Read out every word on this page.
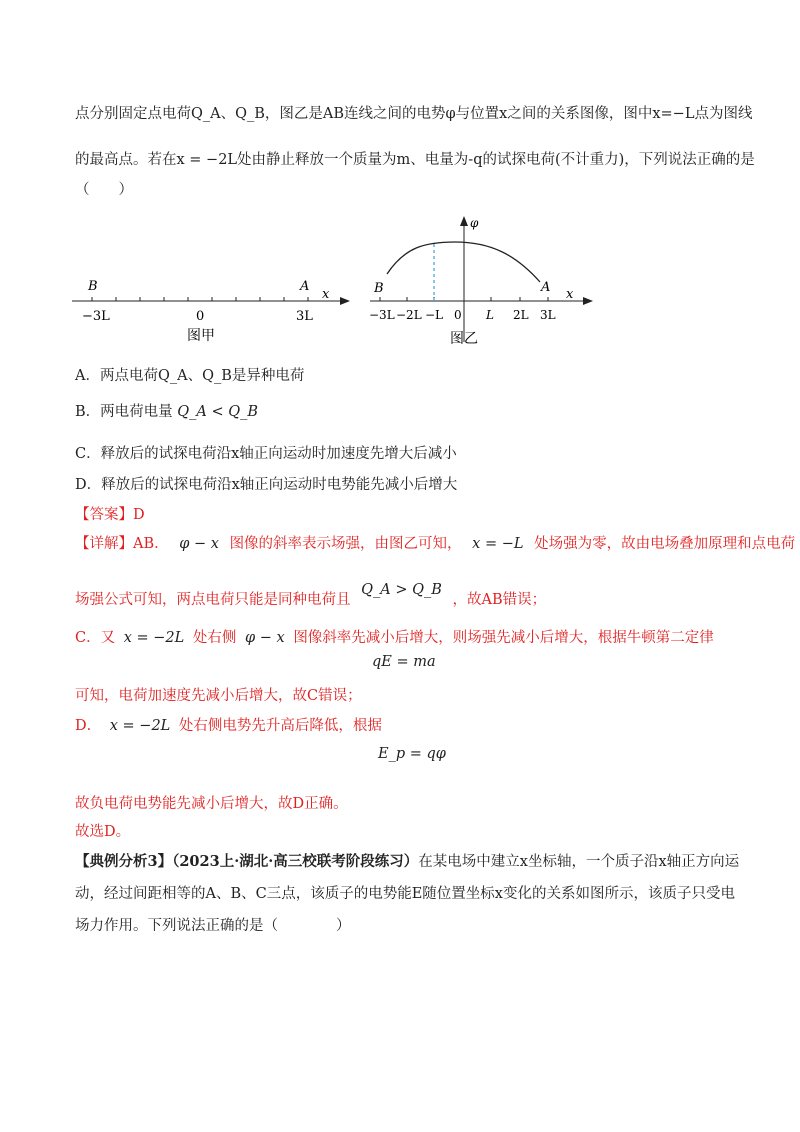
点分别固定点电荷Q_A、Q_B，图乙是AB连线之间的电势φ与位置x之间的关系图像，图中x=−L点为图线
的最高点。若在x = −2L处由静止释放一个质量为m、电量为-q的试探电荷(不计重力)，下列说法正确的是
（　　）
B	A
x
−3L	0	3L
图甲
φ
x
B	A
−3L −2L −L 0 L 2L 3L
图乙
A．两点电荷Q_A、Q_B是异种电荷
B．两电荷电量 Q_A < Q_B
C．释放后的试探电荷沿x轴正向运动时加速度先增大后减小
D．释放后的试探电荷沿x轴正向运动时电势能先减小后增大
【答案】D
【详解】AB． φ − x 图像的斜率表示场强，由图乙可知， x = −L 处场强为零，故由电场叠加原理和点电荷
场强公式可知，两点电荷只能是同种电荷且 Q_A > Q_B ，故AB错误；
C．又 x = −2L 处右侧 φ − x 图像斜率先减小后增大，则场强先减小后增大，根据牛顿第二定律
qE = ma
可知，电荷加速度先减小后增大，故C错误；
D． x = −2L 处右侧电势先升高后降低，根据
E_p = qφ
故负电荷电势能先减小后增大，故D正确。
故选D。
【典例分析3】（2023上·湖北·高三校联考阶段练习）在某电场中建立x坐标轴，一个质子沿x轴正方向运
动，经过间距相等的A、B、C三点，该质子的电势能E随位置坐标x变化的关系如图所示，该质子只受电
场力作用。下列说法正确的是（　　　　）
